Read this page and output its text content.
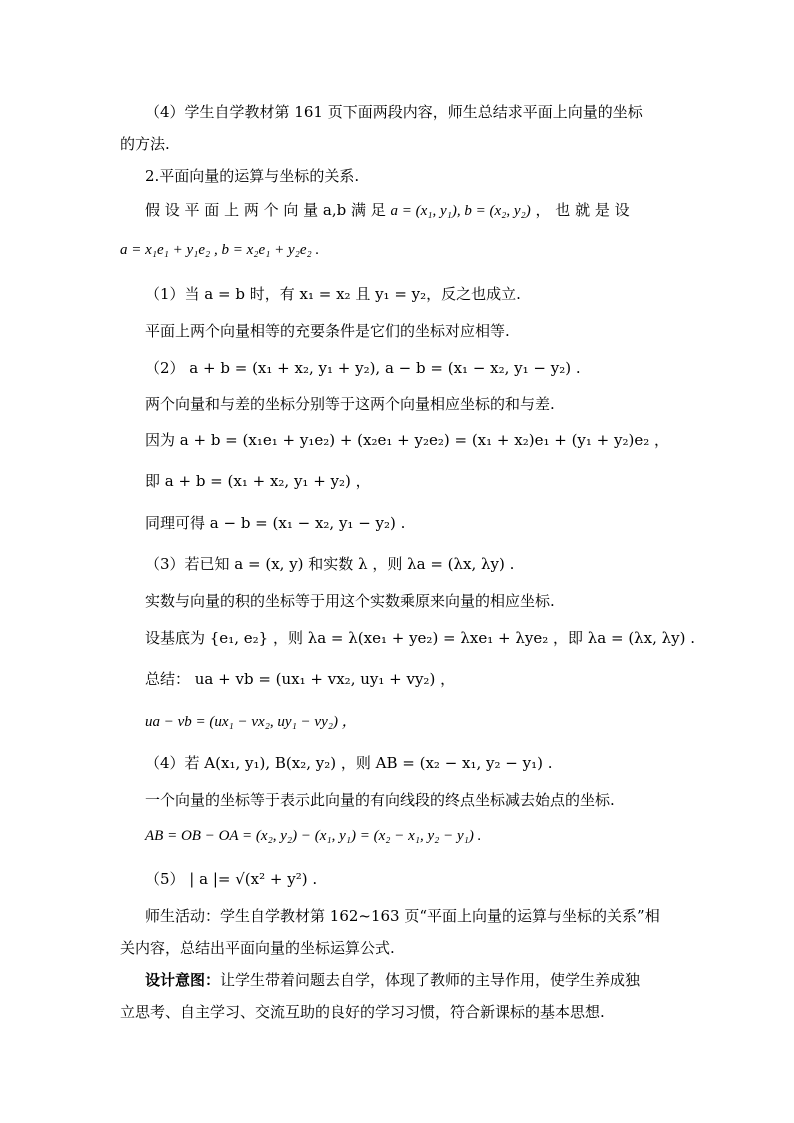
（4）学生自学教材第 161 页下面两段内容，师生总结求平面上向量的坐标
的方法.
2.平面向量的运算与坐标的关系.
假 设 平 面 上 两 个 向 量 a,b 满 足 a = (x₁, y₁), b = (x₂, y₂) ， 也 就 是 设
a = x₁e₁ + y₁e₂ , b = x₂e₁ + y₂e₂ .
（1）当 a = b 时，有 x₁ = x₂ 且 y₁ = y₂，反之也成立.
平面上两个向量相等的充要条件是它们的坐标对应相等.
（2） a + b = (x₁ + x₂, y₁ + y₂), a − b = (x₁ − x₂, y₁ − y₂) .
两个向量和与差的坐标分别等于这两个向量相应坐标的和与差.
因为 a + b = (x₁e₁ + y₁e₂) + (x₂e₁ + y₂e₂) = (x₁ + x₂)e₁ + (y₁ + y₂)e₂ ，
即 a + b = (x₁ + x₂, y₁ + y₂) ，
同理可得 a − b = (x₁ − x₂, y₁ − y₂) .
（3）若已知 a = (x, y) 和实数 λ ，则 λa = (λx, λy) .
实数与向量的积的坐标等于用这个实数乘原来向量的相应坐标.
设基底为 {e₁, e₂} ，则 λa = λ(xe₁ + ye₂) = λxe₁ + λye₂ ，即 λa = (λx, λy) .
总结： ua + vb = (ux₁ + vx₂, uy₁ + vy₂) ，
ua − vb = (ux₁ − vx₂, uy₁ − vy₂) ，
（4）若 A(x₁, y₁), B(x₂, y₂) ，则 AB = (x₂ − x₁, y₂ − y₁) .
一个向量的坐标等于表示此向量的有向线段的终点坐标减去始点的坐标.
AB = OB − OA = (x₂, y₂) − (x₁, y₁) = (x₂ − x₁, y₂ − y₁) .
（5） | a |= √(x² + y²) .
师生活动：学生自学教材第 162~163 页“平面上向量的运算与坐标的关系”相
关内容，总结出平面向量的坐标运算公式.
设计意图：让学生带着问题去自学，体现了教师的主导作用，使学生养成独
立思考、自主学习、交流互助的良好的学习习惯，符合新课标的基本思想.
